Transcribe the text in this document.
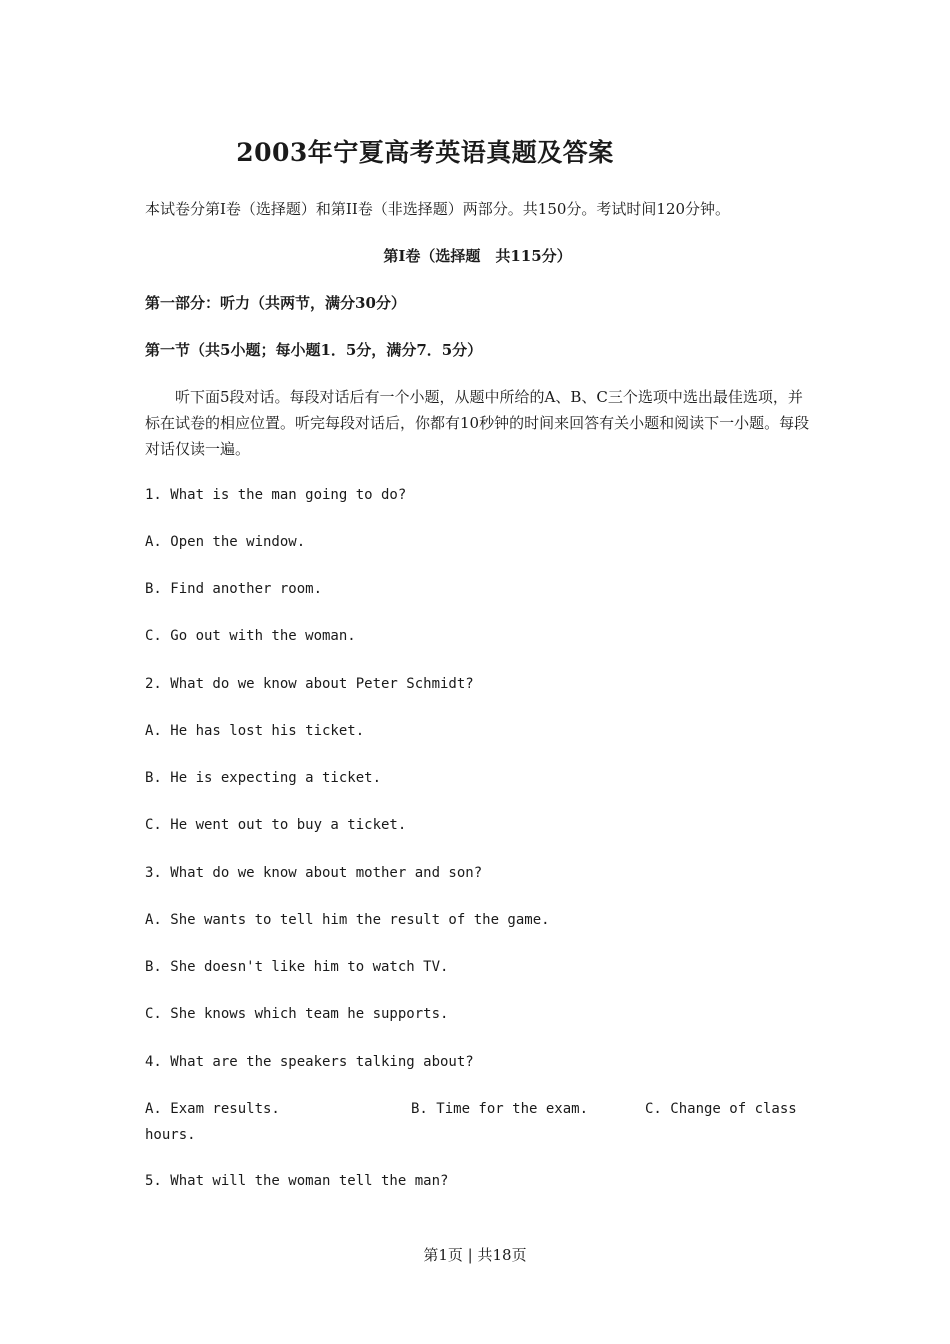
2003年宁夏高考英语真题及答案
本试卷分第Ⅰ卷（选择题）和第II卷（非选择题）两部分。共150分。考试时间120分钟。
第Ⅰ卷（选择题　共115分）
第一部分：听力（共两节，满分30分）
第一节（共5小题；每小题1．5分，满分7．5分）
听下面5段对话。每段对话后有一个小题，从题中所给的A、B、C三个选项中选出最佳选项，并标在试卷的相应位置。听完每段对话后，你都有10秒钟的时间来回答有关小题和阅读下一小题。每段对话仅读一遍。
1. What is the man going to do?
A. Open the window.
B. Find another room.
C. Go out with the woman.
2. What do we know about Peter Schmidt?
A. He has lost his ticket.
B. He is expecting a ticket.
C. He went out to buy a ticket.
3. What do we know about mother and son?
A. She wants to tell him the result of the game.
B. She doesn't like him to watch TV.
C. She knows which team he supports.
4. What are the speakers talking about?
A. Exam results.	B. Time for the exam.	C. Change of class hours.
5. What will the woman tell the man?
第1页 | 共18页
